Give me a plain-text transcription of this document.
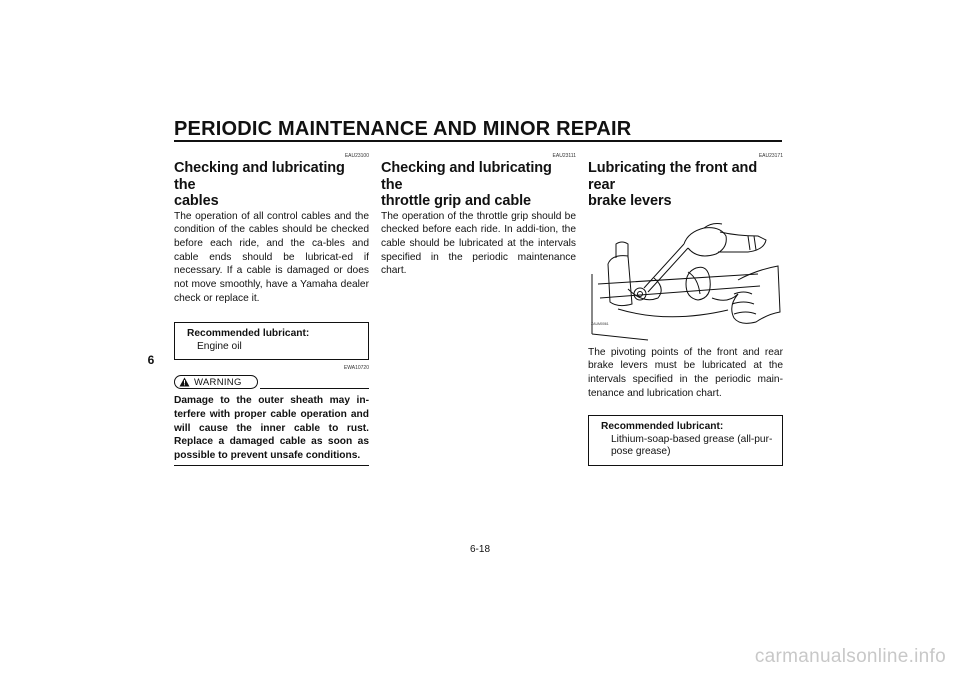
PERIODIC MAINTENANCE AND MINOR REPAIR
6
EAU23100
Checking and lubricating the
cables

The operation of all control cables and the condition of the cables should be checked before each ride, and the ca-bles and cable ends should be lubricat-ed if necessary. If a cable is damaged or does not move smoothly, have a Yamaha dealer check or replace it.

Recommended lubricant:
Engine oil
EWA10720
WARNING

Damage to the outer sheath may in-terfere with proper cable operation and will cause the inner cable to rust. Replace a damaged cable as soon as possible to prevent unsafe conditions.

EAU23111
Checking and lubricating the
throttle grip and cable

The operation of the throttle grip should be checked before each ride. In addi-tion, the cable should be lubricated at the intervals specified in the periodic maintenance chart.

EAU23171
Lubricating the front and rear
brake levers
ZAUM0061

The pivoting points of the front and rear brake levers must be lubricated at the intervals specified in the periodic main-tenance and lubrication chart.

Recommended lubricant:
Lithium-soap-based grease (all-pur-
pose grease)
6-18
carmanualsonline.info
